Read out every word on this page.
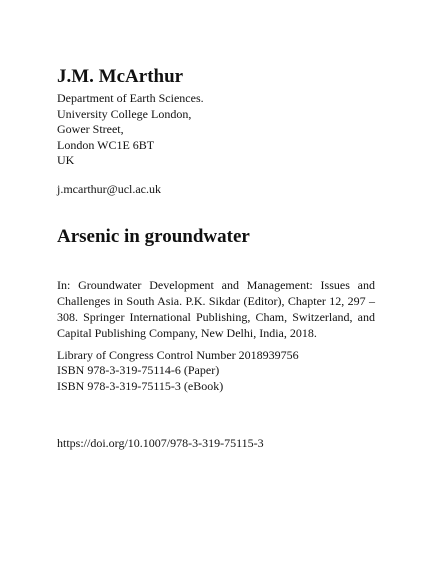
J.M. McArthur
Department of Earth Sciences.
University College London,
Gower Street,
London WC1E 6BT
UK
j.mcarthur@ucl.ac.uk
Arsenic in groundwater
In: Groundwater Development and Management: Issues and Challenges in South Asia. P.K. Sikdar (Editor), Chapter 12, 297 – 308. Springer International Publishing, Cham, Switzerland, and Capital Publishing Company, New Delhi, India, 2018.
Library of Congress Control Number 2018939756
ISBN 978-3-319-75114-6 (Paper)
ISBN 978-3-319-75115-3 (eBook)
https://doi.org/10.1007/978-3-319-75115-3
